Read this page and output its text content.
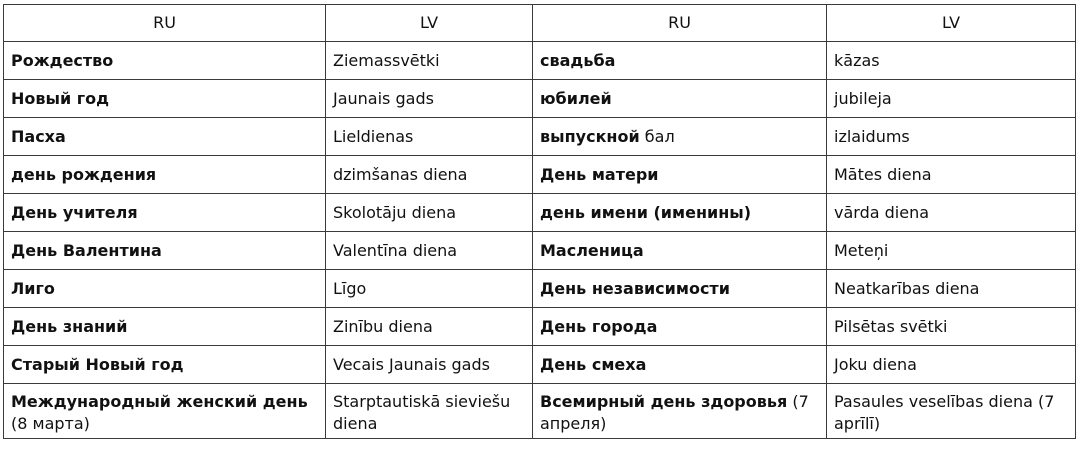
RU	LV	RU	LV
Рождество	Ziemassvētki	свадьба	kāzas
Новый год	Jaunais gads	юбилей	jubileja
Пасха	Lieldienas	выпускной бал	izlaidums
день рождения	dzimšanas diena	День матери	Mātes diena
День учителя	Skolotāju diena	день имени (именины)	vārda diena
День Валентина	Valentīna diena	Масленица	Meteņi
Лиго	Līgo	День независимости	Neatkarības diena
День знаний	Zinību diena	День города	Pilsētas svētki
Старый Новый год	Vecais Jaunais gads	День смеха	Joku diena
Международный женский день (8 марта)	Starptautiskā sieviešu diena	Всемирный день здоровья (7 апреля)	Pasaules veselības diena (7 aprīlī)
